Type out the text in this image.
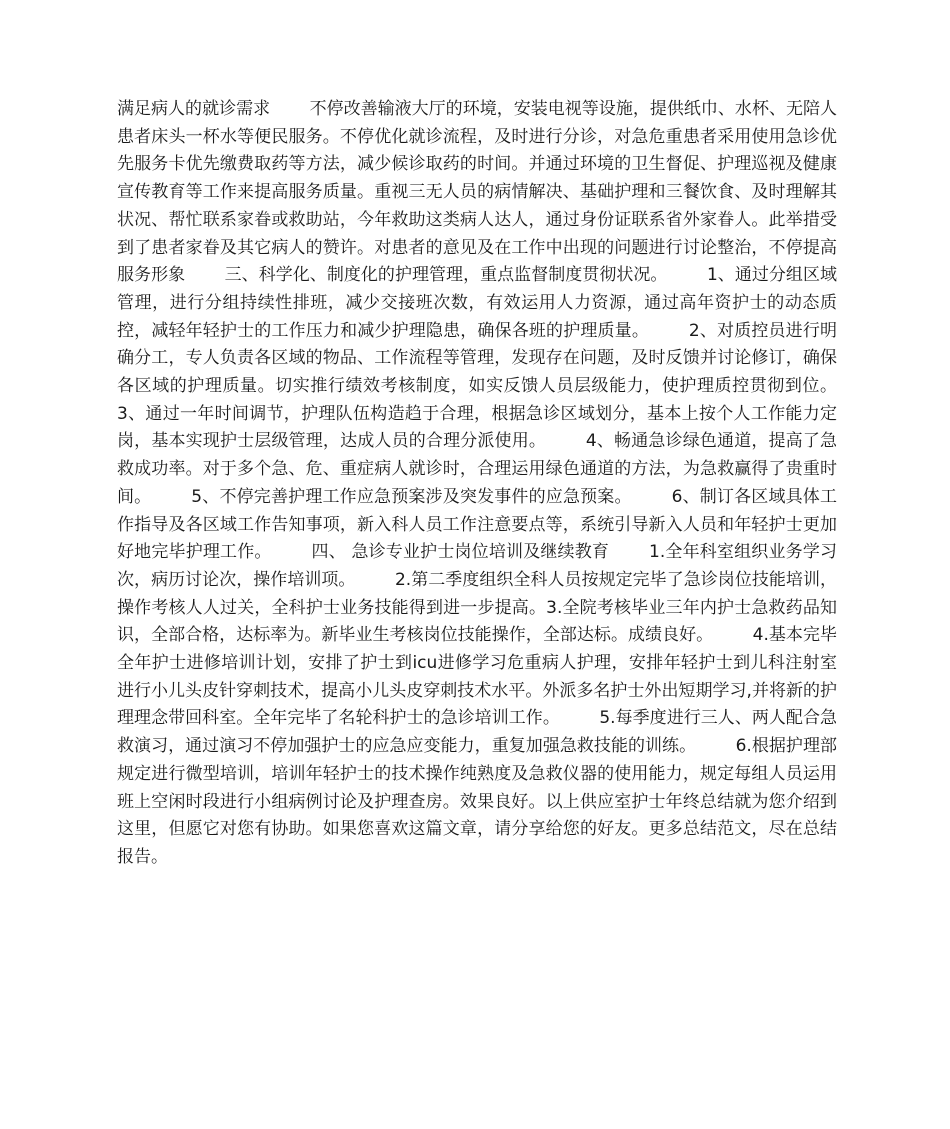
满足病人的就诊需求 　　不停改善输液大厅的环境，安装电视等设施，提供纸巾、水杯、无陪人患者床头一杯水等便民服务。不停优化就诊流程，及时进行分诊，对急危重患者采用使用急诊优先服务卡优先缴费取药等方法，减少候诊取药的时间。并通过环境的卫生督促、护理巡视及健康宣传教育等工作来提高服务质量。重视三无人员的病情解决、基础护理和三餐饮食、及时理解其状况、帮忙联系家眷或救助站，今年救助这类病人达人，通过身份证联系省外家眷人。此举措受到了患者家眷及其它病人的赞许。对患者的意见及在工作中出现的问题进行讨论整治，不停提高服务形象 　　三、科学化、制度化的护理管理，重点监督制度贯彻状况。 　　1、通过分组区域管理，进行分组持续性排班，减少交接班次数，有效运用人力资源，通过高年资护士的动态质控，减轻年轻护士的工作压力和减少护理隐患，确保各班的护理质量。 　　2、对质控员进行明确分工，专人负责各区域的物品、工作流程等管理，发现存在问题，及时反馈并讨论修订，确保各区域的护理质量。切实推行绩效考核制度，如实反馈人员层级能力，使护理质控贯彻到位。 　　3、通过一年时间调节，护理队伍构造趋于合理，根据急诊区域划分，基本上按个人工作能力定岗，基本实现护士层级管理，达成人员的合理分派使用。 　　4、畅通急诊绿色通道，提高了急救成功率。对于多个急、危、重症病人就诊时，合理运用绿色通道的方法，为急救赢得了贵重时间。 　　5、不停完善护理工作应急预案涉及突发事件的应急预案。 　　6、制订各区域具体工作指导及各区域工作告知事项，新入科人员工作注意要点等，系统引导新入人员和年轻护士更加好地完毕护理工作。 　　四、 急诊专业护士岗位培训及继续教育 　　1.全年科室组织业务学习次，病历讨论次，操作培训项。 　　2.第二季度组织全科人员按规定完毕了急诊岗位技能培训，操作考核人人过关，全科护士业务技能得到进一步提高。3.全院考核毕业三年内护士急救药品知识，全部合格，达标率为。新毕业生考核岗位技能操作，全部达标。成绩良好。 　　4.基本完毕全年护士进修培训计划，安排了护士到icu进修学习危重病人护理，安排年轻护士到儿科注射室进行小儿头皮针穿刺技术，提高小儿头皮穿刺技术水平。外派多名护士外出短期学习,并将新的护理理念带回科室。全年完毕了名轮科护士的急诊培训工作。 　　5.每季度进行三人、两人配合急救演习，通过演习不停加强护士的应急应变能力，重复加强急救技能的训练。 　　6.根据护理部规定进行微型培训，培训年轻护士的技术操作纯熟度及急救仪器的使用能力，规定每组人员运用班上空闲时段进行小组病例讨论及护理查房。效果良好。以上供应室护士年终总结就为您介绍到这里，但愿它对您有协助。如果您喜欢这篇文章，请分享给您的好友。更多总结范文，尽在总结报告。
